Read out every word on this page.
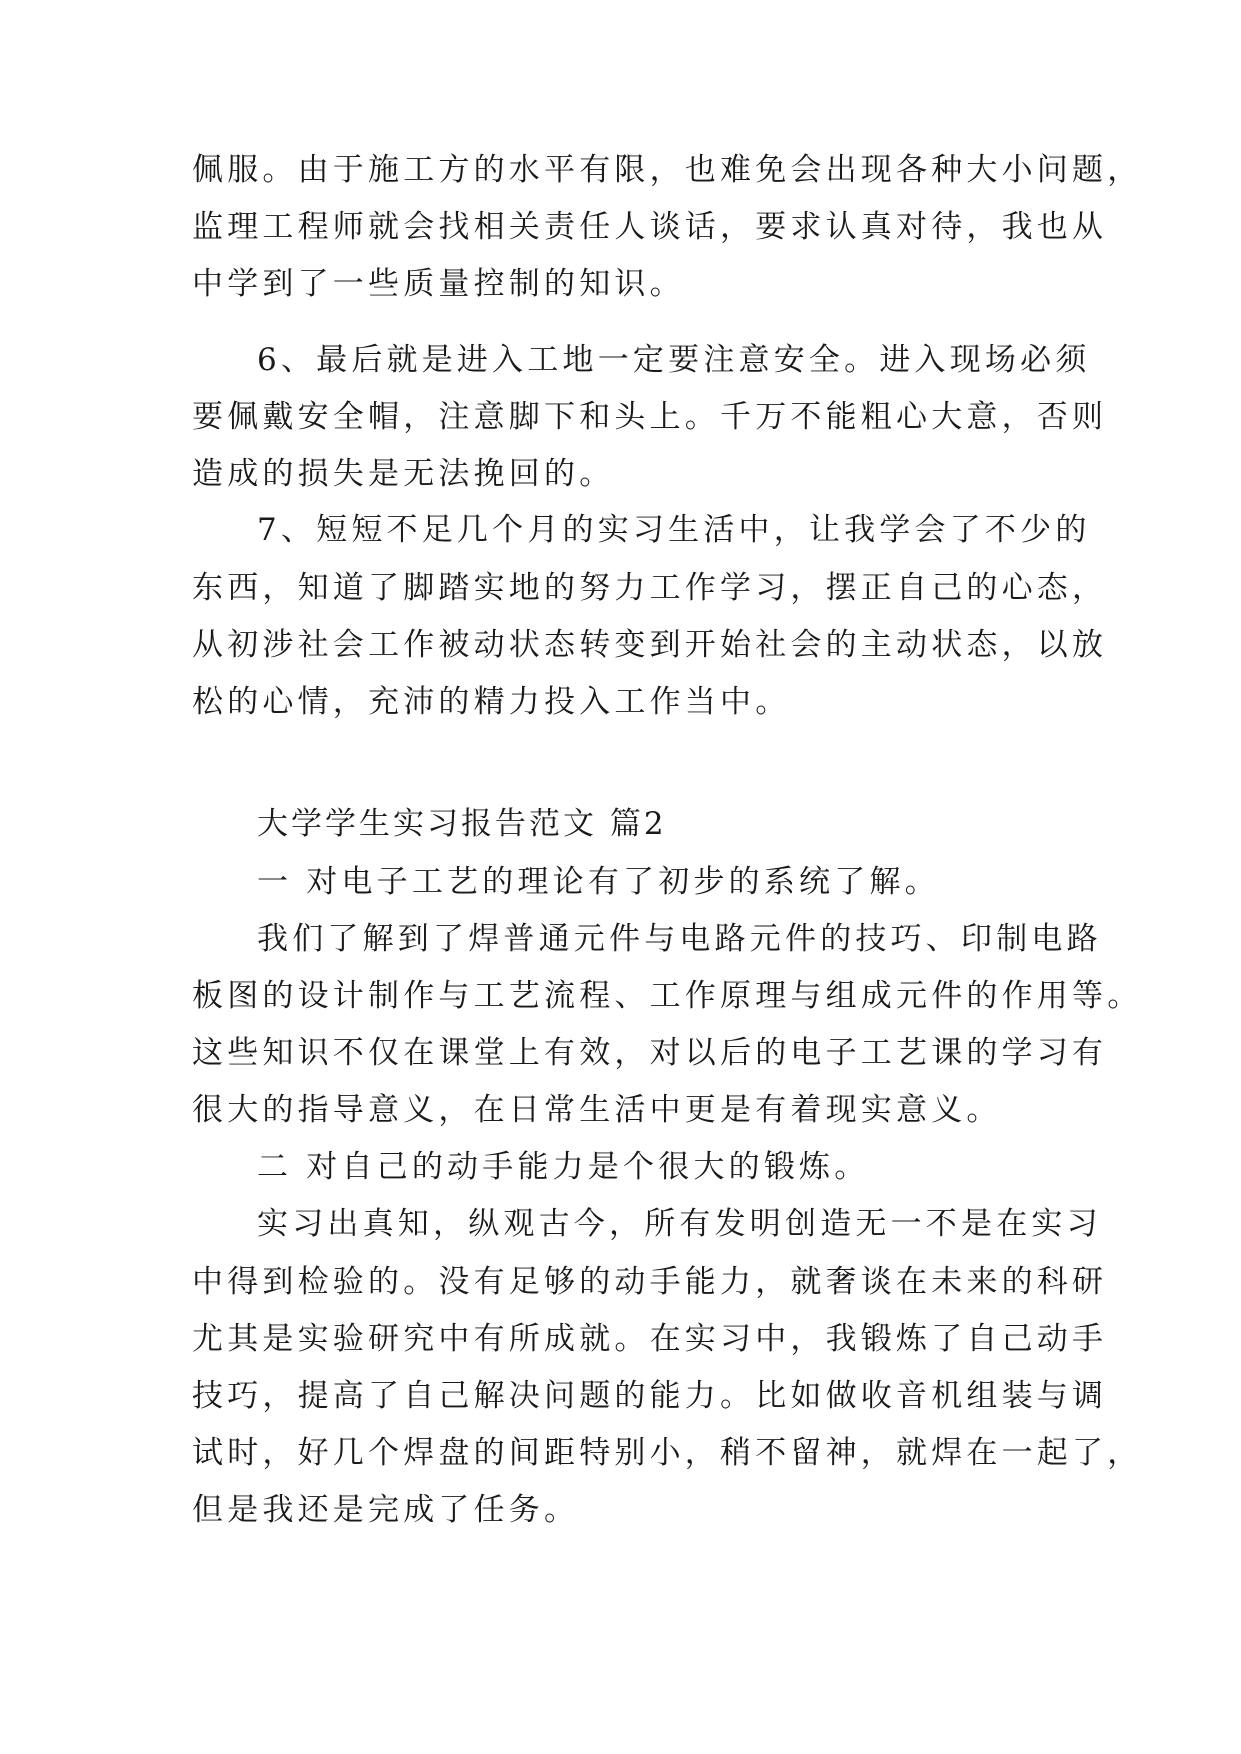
佩服。由于施工方的水平有限，也难免会出现各种大小问题，
监理工程师就会找相关责任人谈话，要求认真对待，我也从
中学到了一些质量控制的知识。
6、最后就是进入工地一定要注意安全。进入现场必须
要佩戴安全帽，注意脚下和头上。千万不能粗心大意，否则
造成的损失是无法挽回的。
7、短短不足几个月的实习生活中，让我学会了不少的
东西，知道了脚踏实地的努力工作学习，摆正自己的心态，
从初涉社会工作被动状态转变到开始社会的主动状态，以放
松的心情，充沛的精力投入工作当中。
大学学生实习报告范文 篇2
一 对电子工艺的理论有了初步的系统了解。
我们了解到了焊普通元件与电路元件的技巧、印制电路
板图的设计制作与工艺流程、工作原理与组成元件的作用等。
这些知识不仅在课堂上有效，对以后的电子工艺课的学习有
很大的指导意义，在日常生活中更是有着现实意义。
二 对自己的动手能力是个很大的锻炼。
实习出真知，纵观古今，所有发明创造无一不是在实习
中得到检验的。没有足够的动手能力，就奢谈在未来的科研
尤其是实验研究中有所成就。在实习中，我锻炼了自己动手
技巧，提高了自己解决问题的能力。比如做收音机组装与调
试时，好几个焊盘的间距特别小，稍不留神，就焊在一起了，
但是我还是完成了任务。
